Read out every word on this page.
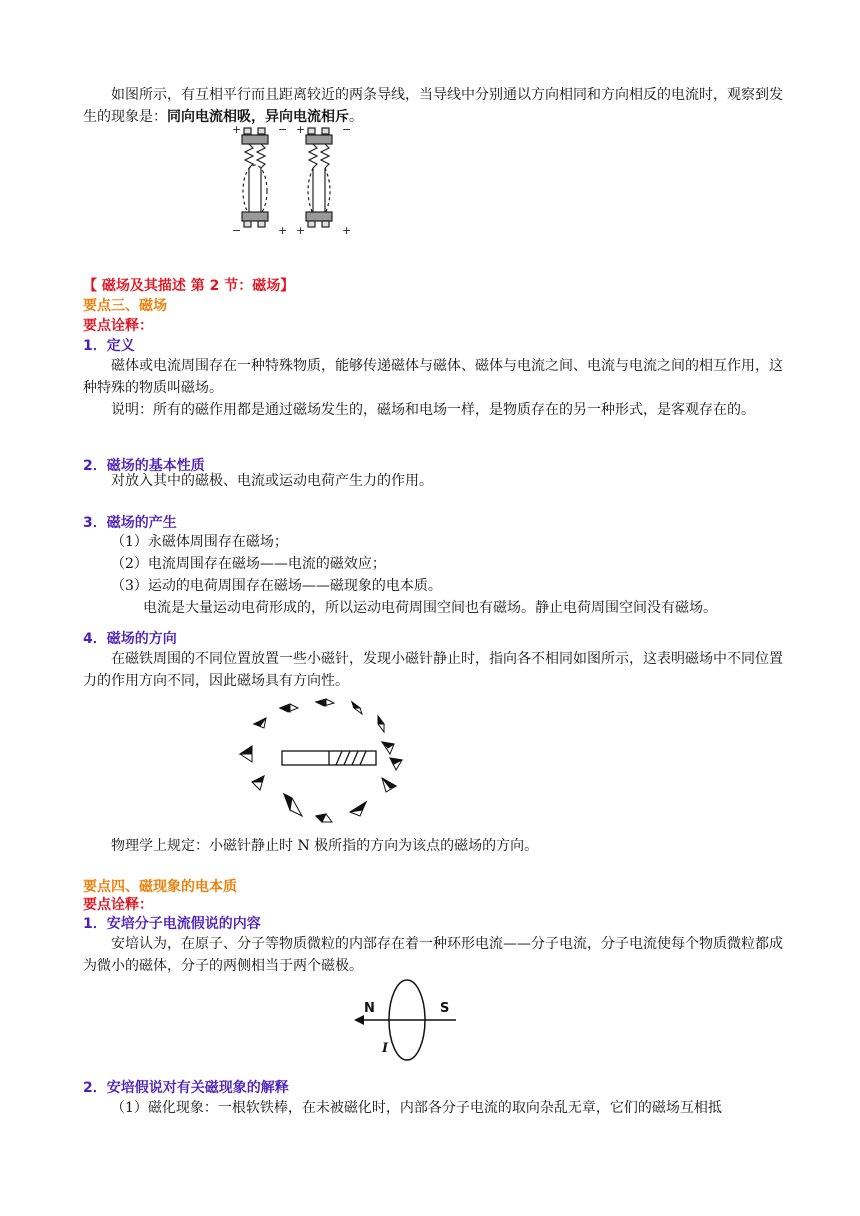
如图所示，有互相平行而且距离较近的两条导线，当导线中分别通以方向相同和方向相反的电流时，观察到发生的现象是：同向电流相吸，异向电流相斥。

+	− +	−
−	+ +	+

【 磁场及其描述 第 2 节：磁场】

要点三、磁场

要点诠释：

1．定义

磁体或电流周围存在一种特殊物质，能够传递磁体与磁体、磁体与电流之间、电流与电流之间的相互作用，这种特殊的物质叫磁场。

说明：所有的磁作用都是通过磁场发生的，磁场和电场一样，是物质存在的另一种形式，是客观存在的。

2．磁场的基本性质

对放入其中的磁极、电流或运动电荷产生力的作用。

3．磁场的产生

（1）永磁体周围存在磁场；

（2）电流周围存在磁场——电流的磁效应；

（3）运动的电荷周围存在磁场——磁现象的电本质。

电流是大量运动电荷形成的，所以运动电荷周围空间也有磁场。静止电荷周围空间没有磁场。

4．磁场的方向

在磁铁周围的不同位置放置一些小磁针，发现小磁针静止时，指向各不相同如图所示，这表明磁场中不同位置力的作用方向不同，因此磁场具有方向性。

物理学上规定：小磁针静止时 N 极所指的方向为该点的磁场的方向。

要点四、磁现象的电本质

要点诠释：

1．安培分子电流假说的内容

安培认为，在原子、分子等物质微粒的内部存在着一种环形电流——分子电流，分子电流使每个物质微粒都成为微小的磁体，分子的两侧相当于两个磁极。

N	S
I

2．安培假说对有关磁现象的解释

（1）磁化现象：一根软铁棒，在未被磁化时，内部各分子电流的取向杂乱无章，它们的磁场互相抵
